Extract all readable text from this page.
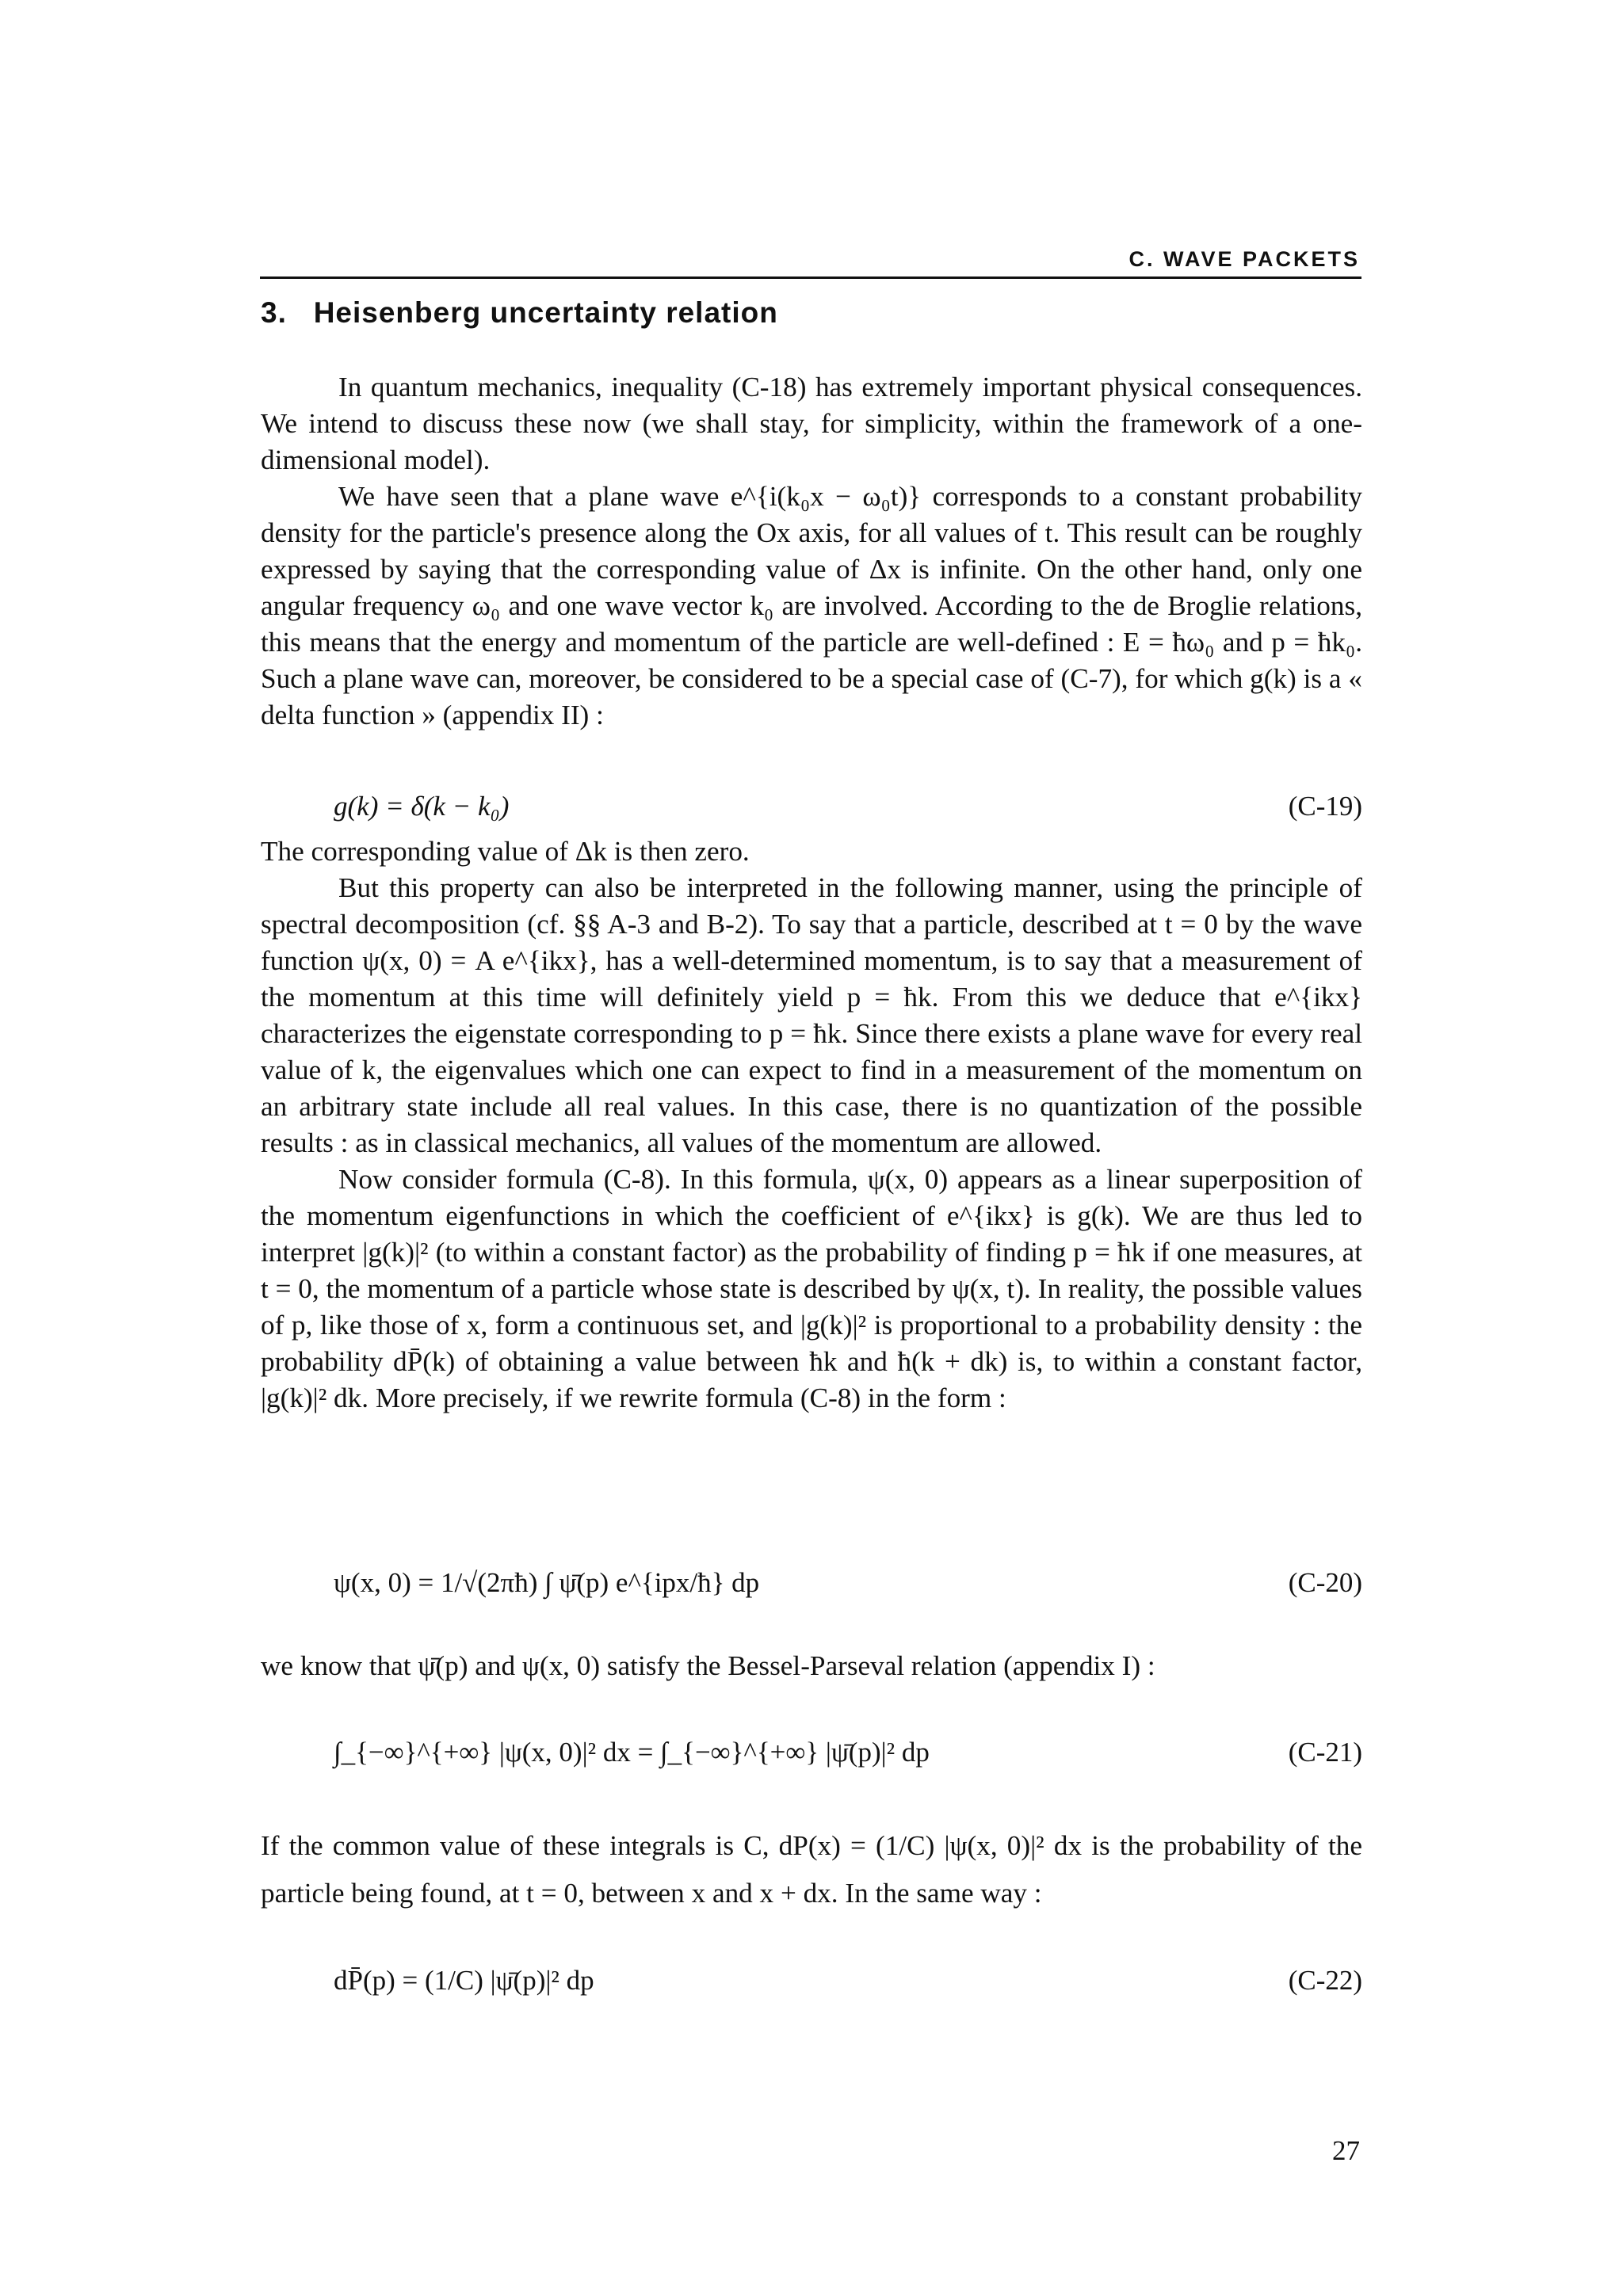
C. WAVE PACKETS
3. Heisenberg uncertainty relation

In quantum mechanics, inequality (C-18) has extremely important physical consequences. We intend to discuss these now (we shall stay, for simplicity, within the framework of a one-dimensional model).

We have seen that a plane wave e^{i(k₀x − ω₀t)} corresponds to a constant probability density for the particle's presence along the Ox axis, for all values of t. This result can be roughly expressed by saying that the corresponding value of Δx is infinite. On the other hand, only one angular frequency ω₀ and one wave vector k₀ are involved. According to the de Broglie relations, this means that the energy and momentum of the particle are well-defined : E = ħω₀ and p = ħk₀. Such a plane wave can, moreover, be considered to be a special case of (C-7), for which g(k) is a « delta function » (appendix II) :

g(k) = δ(k − k₀)	(C-19)

The corresponding value of Δk is then zero.

But this property can also be interpreted in the following manner, using the principle of spectral decomposition (cf. §§ A-3 and B-2). To say that a particle, described at t = 0 by the wave function ψ(x, 0) = A e^{ikx}, has a well-determined momentum, is to say that a measurement of the momentum at this time will definitely yield p = ħk. From this we deduce that e^{ikx} characterizes the eigenstate corresponding to p = ħk. Since there exists a plane wave for every real value of k, the eigenvalues which one can expect to find in a measurement of the momentum on an arbitrary state include all real values. In this case, there is no quantization of the possible results : as in classical mechanics, all values of the momentum are allowed.

Now consider formula (C-8). In this formula, ψ(x, 0) appears as a linear superposition of the momentum eigenfunctions in which the coefficient of e^{ikx} is g(k). We are thus led to interpret |g(k)|² (to within a constant factor) as the probability of finding p = ħk if one measures, at t = 0, the momentum of a particle whose state is described by ψ(x, t). In reality, the possible values of p, like those of x, form a continuous set, and |g(k)|² is proportional to a probability density : the probability dP̄(k) of obtaining a value between ħk and ħ(k + dk) is, to within a constant factor, |g(k)|² dk. More precisely, if we rewrite formula (C-8) in the form :

ψ(x, 0) = 1/√(2πħ) ∫ ψ̄(p) e^{ipx/ħ} dp	(C-20)

we know that ψ̄(p) and ψ(x, 0) satisfy the Bessel-Parseval relation (appendix I) :

∫_{−∞}^{+∞} |ψ(x, 0)|² dx = ∫_{−∞}^{+∞} |ψ̄(p)|² dp	(C-21)

If the common value of these integrals is C, dP(x) = (1/C) |ψ(x, 0)|² dx is the probability of the particle being found, at t = 0, between x and x + dx. In the same way :

dP̄(p) = (1/C) |ψ̄(p)|² dp	(C-22)
27
